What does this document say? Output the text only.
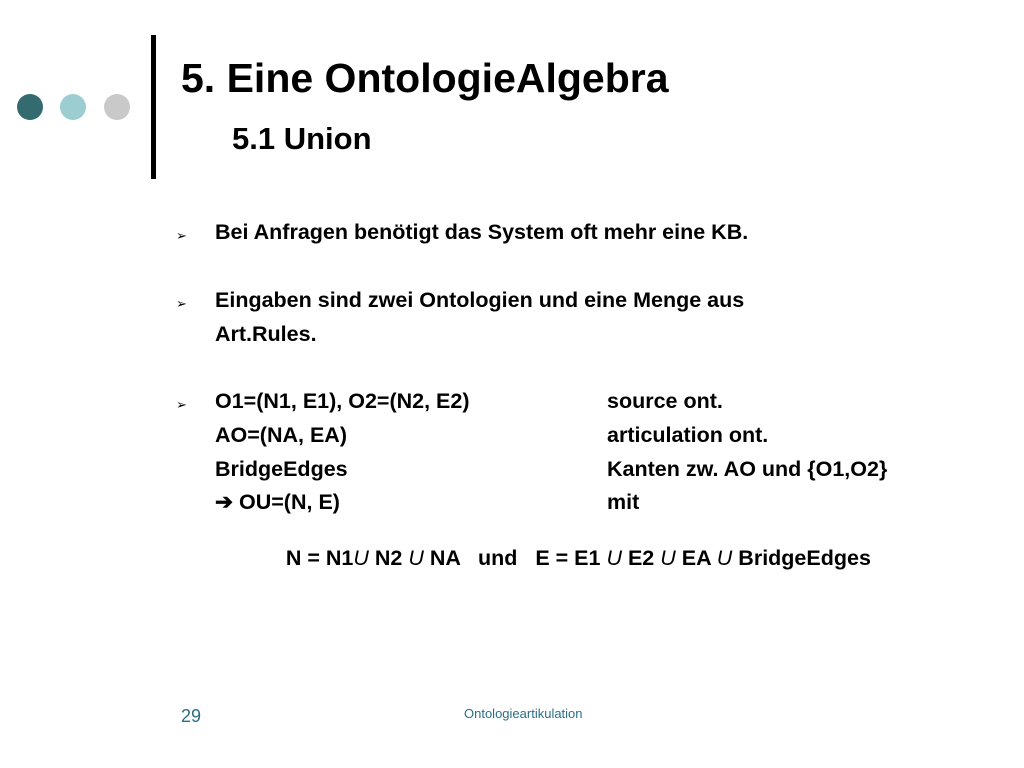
5. Eine OntologieAlgebra
5.1 Union
➢ Bei Anfragen benötigt das System oft mehr eine KB.
➢ Eingaben sind zwei Ontologien und eine Menge aus
Art.Rules.
➢ O1=(N1, E1), O2=(N2, E2)	source ont.
AO=(NA, EA)	articulation ont.
BridgeEdges	Kanten zw. AO und {O1,O2}
➔ OU=(N, E)	mit

N = N1U N2 U NA   und   E = E1 U E2 U EA U BridgeEdges

29	Ontologieartikulation
